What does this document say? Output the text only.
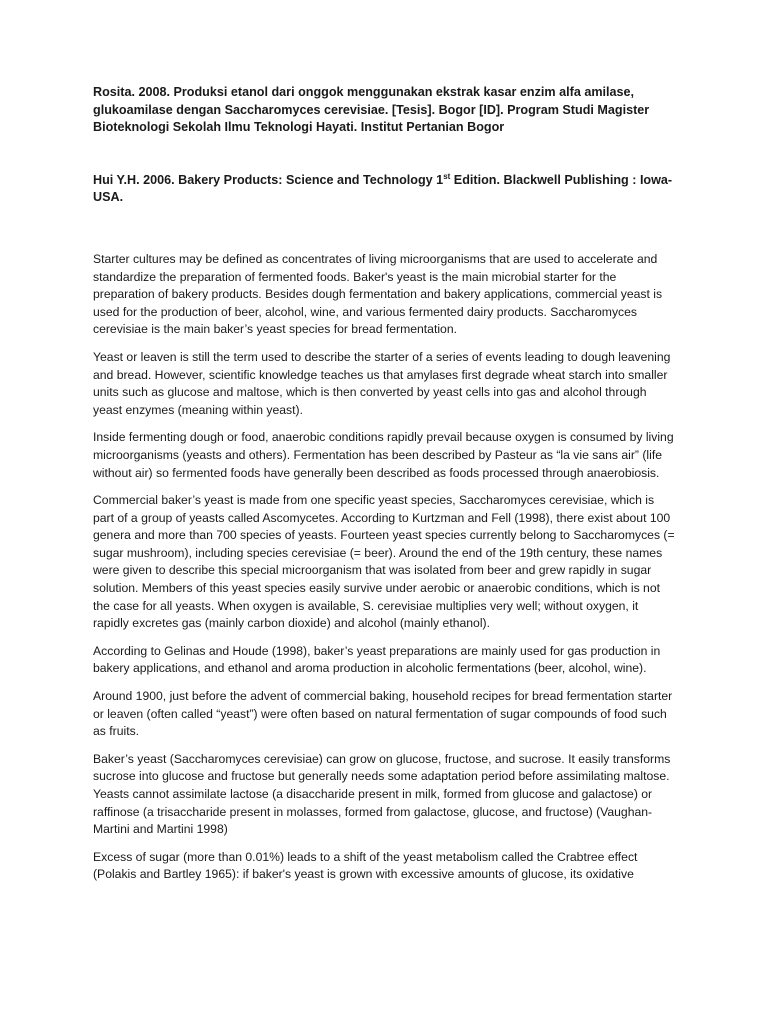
Rosita. 2008. Produksi etanol dari onggok menggunakan ekstrak kasar enzim alfa amilase, glukoamilase dengan Saccharomyces cerevisiae. [Tesis]. Bogor [ID]. Program Studi Magister Bioteknologi Sekolah Ilmu Teknologi Hayati. Institut Pertanian Bogor

Hui Y.H. 2006. Bakery Products: Science and Technology 1st Edition. Blackwell Publishing : Iowa-USA.

Starter cultures may be defined as concentrates of living microorganisms that are used to accelerate and standardize the preparation of fermented foods. Baker's yeast is the main microbial starter for the preparation of bakery products. Besides dough fermentation and bakery applications, commercial yeast is used for the production of beer, alcohol, wine, and various fermented dairy products. Saccharomyces cerevisiae is the main baker’s yeast species for bread fermentation.

Yeast or leaven is still the term used to describe the starter of a series of events leading to dough leavening and bread. However, scientific knowledge teaches us that amylases first degrade wheat starch into smaller units such as glucose and maltose, which is then converted by yeast cells into gas and alcohol through yeast enzymes (meaning within yeast).

Inside fermenting dough or food, anaerobic conditions rapidly prevail because oxygen is consumed by living microorganisms (yeasts and others). Fermentation has been described by Pasteur as “la vie sans air” (life without air) so fermented foods have generally been described as foods processed through anaerobiosis.

Commercial baker’s yeast is made from one specific yeast species, Saccharomyces cerevisiae, which is part of a group of yeasts called Ascomycetes. According to Kurtzman and Fell (1998), there exist about 100 genera and more than 700 species of yeasts. Fourteen yeast species currently belong to Saccharomyces (= sugar mushroom), including species cerevisiae (= beer). Around the end of the 19th century, these names were given to describe this special microorganism that was isolated from beer and grew rapidly in sugar solution. Members of this yeast species easily survive under aerobic or anaerobic conditions, which is not the case for all yeasts. When oxygen is available, S. cerevisiae multiplies very well; without oxygen, it rapidly excretes gas (mainly carbon dioxide) and alcohol (mainly ethanol).

According to Gelinas and Houde (1998), baker’s yeast preparations are mainly used for gas production in bakery applications, and ethanol and aroma production in alcoholic fermentations (beer, alcohol, wine).

Around 1900, just before the advent of commercial baking, household recipes for bread fermentation starter or leaven (often called “yeast”) were often based on natural fermentation of sugar compounds of food such as fruits.

Baker’s yeast (Saccharomyces cerevisiae) can grow on glucose, fructose, and sucrose. It easily transforms sucrose into glucose and fructose but generally needs some adaptation period before assimilating maltose. Yeasts cannot assimilate lactose (a disaccharide present in milk, formed from glucose and galactose) or raffinose (a trisaccharide present in molasses, formed from galactose, glucose, and fructose) (Vaughan-Martini and Martini 1998)

Excess of sugar (more than 0.01%) leads to a shift of the yeast metabolism called the Crabtree effect (Polakis and Bartley 1965): if baker's yeast is grown with excessive amounts of glucose, its oxidative
